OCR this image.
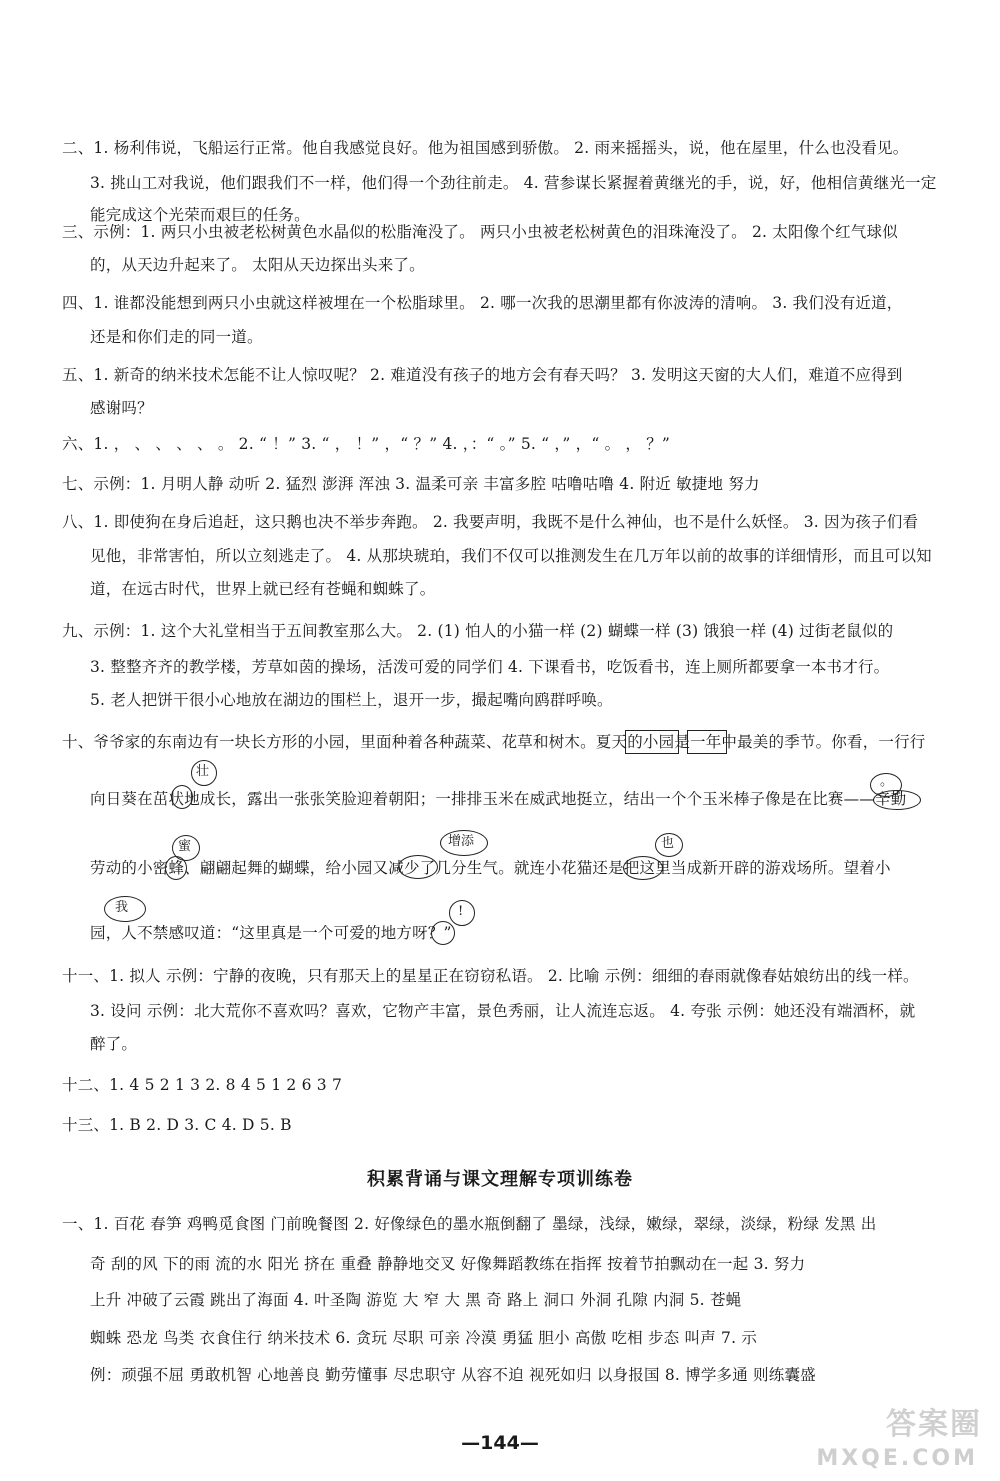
二、1. 杨利伟说，飞船运行正常。他自我感觉良好。他为祖国感到骄傲。 2. 雨来摇摇头，说，他在屋里，什么也没看见。
3. 挑山工对我说，他们跟我们不一样，他们得一个劲往前走。 4. 营参谋长紧握着黄继光的手，说，好，他相信黄继光一定
能完成这个光荣而艰巨的任务。
三、示例：1. 两只小虫被老松树黄色水晶似的松脂淹没了。 两只小虫被老松树黄色的泪珠淹没了。 2. 太阳像个红气球似
的，从天边升起来了。 太阳从天边探出头来了。
四、1. 谁都没能想到两只小虫就这样被埋在一个松脂球里。 2. 哪一次我的思潮里都有你波涛的清响。 3. 我们没有近道，
还是和你们走的同一道。
五、1. 新奇的纳米技术怎能不让人惊叹呢？ 2. 难道没有孩子的地方会有春天吗？ 3. 发明这天窗的大人们，难道不应得到
感谢吗？
六、1. ， 、 、 、 、 。 2. “ ！” 3. “ ， ！” ，“ ？” 4. ，：“ 。” 5. “ ，” ，“ 。 ， ？”
七、示例：1. 月明人静 动听 2. 猛烈 澎湃 浑浊 3. 温柔可亲 丰富多腔 咕噜咕噜 4. 附近 敏捷地 努力
八、1. 即使狗在身后追赶，这只鹅也决不举步奔跑。 2. 我要声明，我既不是什么神仙，也不是什么妖怪。 3. 因为孩子们看
见他，非常害怕，所以立刻逃走了。 4. 从那块琥珀，我们不仅可以推测发生在几万年以前的故事的详细情形，而且可以知
道，在远古时代，世界上就已经有苍蝇和蜘蛛了。
九、示例：1. 这个大礼堂相当于五间教室那么大。 2. (1) 怕人的小猫一样 (2) 蝴蝶一样 (3) 饿狼一样 (4) 过街老鼠似的
3. 整整齐齐的教学楼，芳草如茵的操场，活泼可爱的同学们 4. 下课看书，吃饭看书，连上厕所都要拿一本书才行。
5. 老人把饼干很小心地放在湖边的围栏上，退开一步，撮起嘴向鸥群呼唤。
十、爷爷家的东南边有一块长方形的小园，里面种着各种蔬菜、花草和树木。夏天的小园是一年中最美的季节。你看，一行行
向日葵在茁状地成长，露出一张张笑脸迎着朝阳；一排排玉米在威武地挺立，结出一个个玉米棒子像是在比赛——辛勤
劳动的小密蜂、翩翩起舞的蝴蝶，给小园又减少了几分生气。就连小花猫还是把这里当成新开辟的游戏场所。望着小
园，人不禁感叹道：“这里真是一个可爱的地方呀？”
壮
。
蜜	增添	也
我	!
十一、1. 拟人 示例：宁静的夜晚，只有那天上的星星正在窃窃私语。 2. 比喻 示例：细细的春雨就像春姑娘纺出的线一样。
3. 设问 示例：北大荒你不喜欢吗？喜欢，它物产丰富，景色秀丽，让人流连忘返。 4. 夸张 示例：她还没有端酒杯，就
醉了。
十二、1. 4 5 2 1 3 2. 8 4 5 1 2 6 3 7
十三、1. B 2. D 3. C 4. D 5. B
积累背诵与课文理解专项训练卷
一、1. 百花 春笋 鸡鸭觅食图 门前晚餐图 2. 好像绿色的墨水瓶倒翻了 墨绿，浅绿，嫩绿，翠绿，淡绿，粉绿 发黑 出
奇 刮的风 下的雨 流的水 阳光 挤在 重叠 静静地交叉 好像舞蹈教练在指挥 按着节拍飘动在一起 3. 努力
上升 冲破了云霞 跳出了海面 4. 叶圣陶 游览 大 窄 大 黑 奇 路上 洞口 外洞 孔隙 内洞 5. 苍蝇
蜘蛛 恐龙 鸟类 衣食住行 纳米技术 6. 贪玩 尽职 可亲 冷漠 勇猛 胆小 高傲 吃相 步态 叫声 7. 示
例：顽强不屈 勇敢机智 心地善良 勤劳懂事 尽忠职守 从容不迫 视死如归 以身报国 8. 博学多通 则练囊盛
—144—
答案圈
MXQE.COM
